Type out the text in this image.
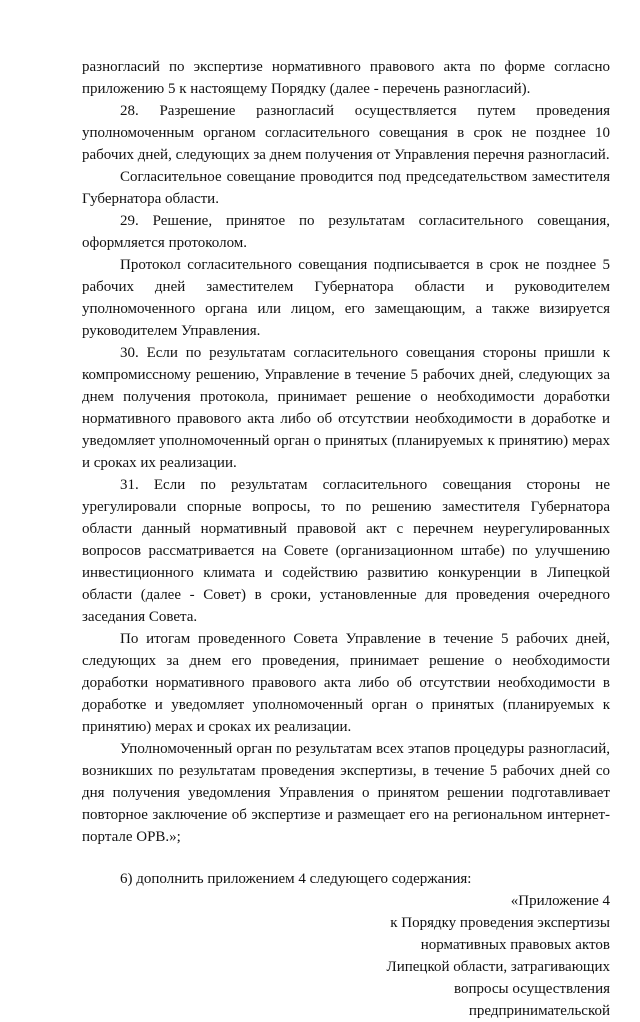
разногласий по экспертизе нормативного правового акта по форме согласно приложению 5 к настоящему Порядку (далее - перечень разногласий).

28. Разрешение разногласий осуществляется путем проведения уполномоченным органом согласительного совещания в срок не позднее 10 рабочих дней, следующих за днем получения от Управления перечня разногласий.

Согласительное совещание проводится под председательством заместителя Губернатора области.

29. Решение, принятое по результатам согласительного совещания, оформляется протоколом.

Протокол согласительного совещания подписывается в срок не позднее 5 рабочих дней заместителем Губернатора области и руководителем уполномоченного органа или лицом, его замещающим, а также визируется руководителем Управления.

30. Если по результатам согласительного совещания стороны пришли к компромиссному решению, Управление в течение 5 рабочих дней, следующих за днем получения протокола, принимает решение о необходимости доработки нормативного правового акта либо об отсутствии необходимости в доработке и уведомляет уполномоченный орган о принятых (планируемых к принятию) мерах и сроках их реализации.

31. Если по результатам согласительного совещания стороны не урегулировали спорные вопросы, то по решению заместителя Губернатора области данный нормативный правовой акт с перечнем неурегулированных вопросов рассматривается на Совете (организационном штабе) по улучшению инвестиционного климата и содействию развитию конкуренции в Липецкой области (далее - Совет) в сроки, установленные для проведения очередного заседания Совета.

По итогам проведенного Совета Управление в течение 5 рабочих дней, следующих за днем его проведения, принимает решение о необходимости доработки нормативного правового акта либо об отсутствии необходимости в доработке и уведомляет уполномоченный орган о принятых (планируемых к принятию) мерах и сроках их реализации.

Уполномоченный орган по результатам всех этапов процедуры разногласий, возникших по результатам проведения экспертизы, в течение 5 рабочих дней со дня получения уведомления Управления о принятом решении подготавливает повторное заключение об экспертизе и размещает его на региональном интернет-портале ОРВ.»;

6) дополнить приложением 4 следующего содержания:

«Приложение 4
к Порядку проведения экспертизы
нормативных правовых актов
Липецкой области, затрагивающих
вопросы осуществления
предпринимательской
